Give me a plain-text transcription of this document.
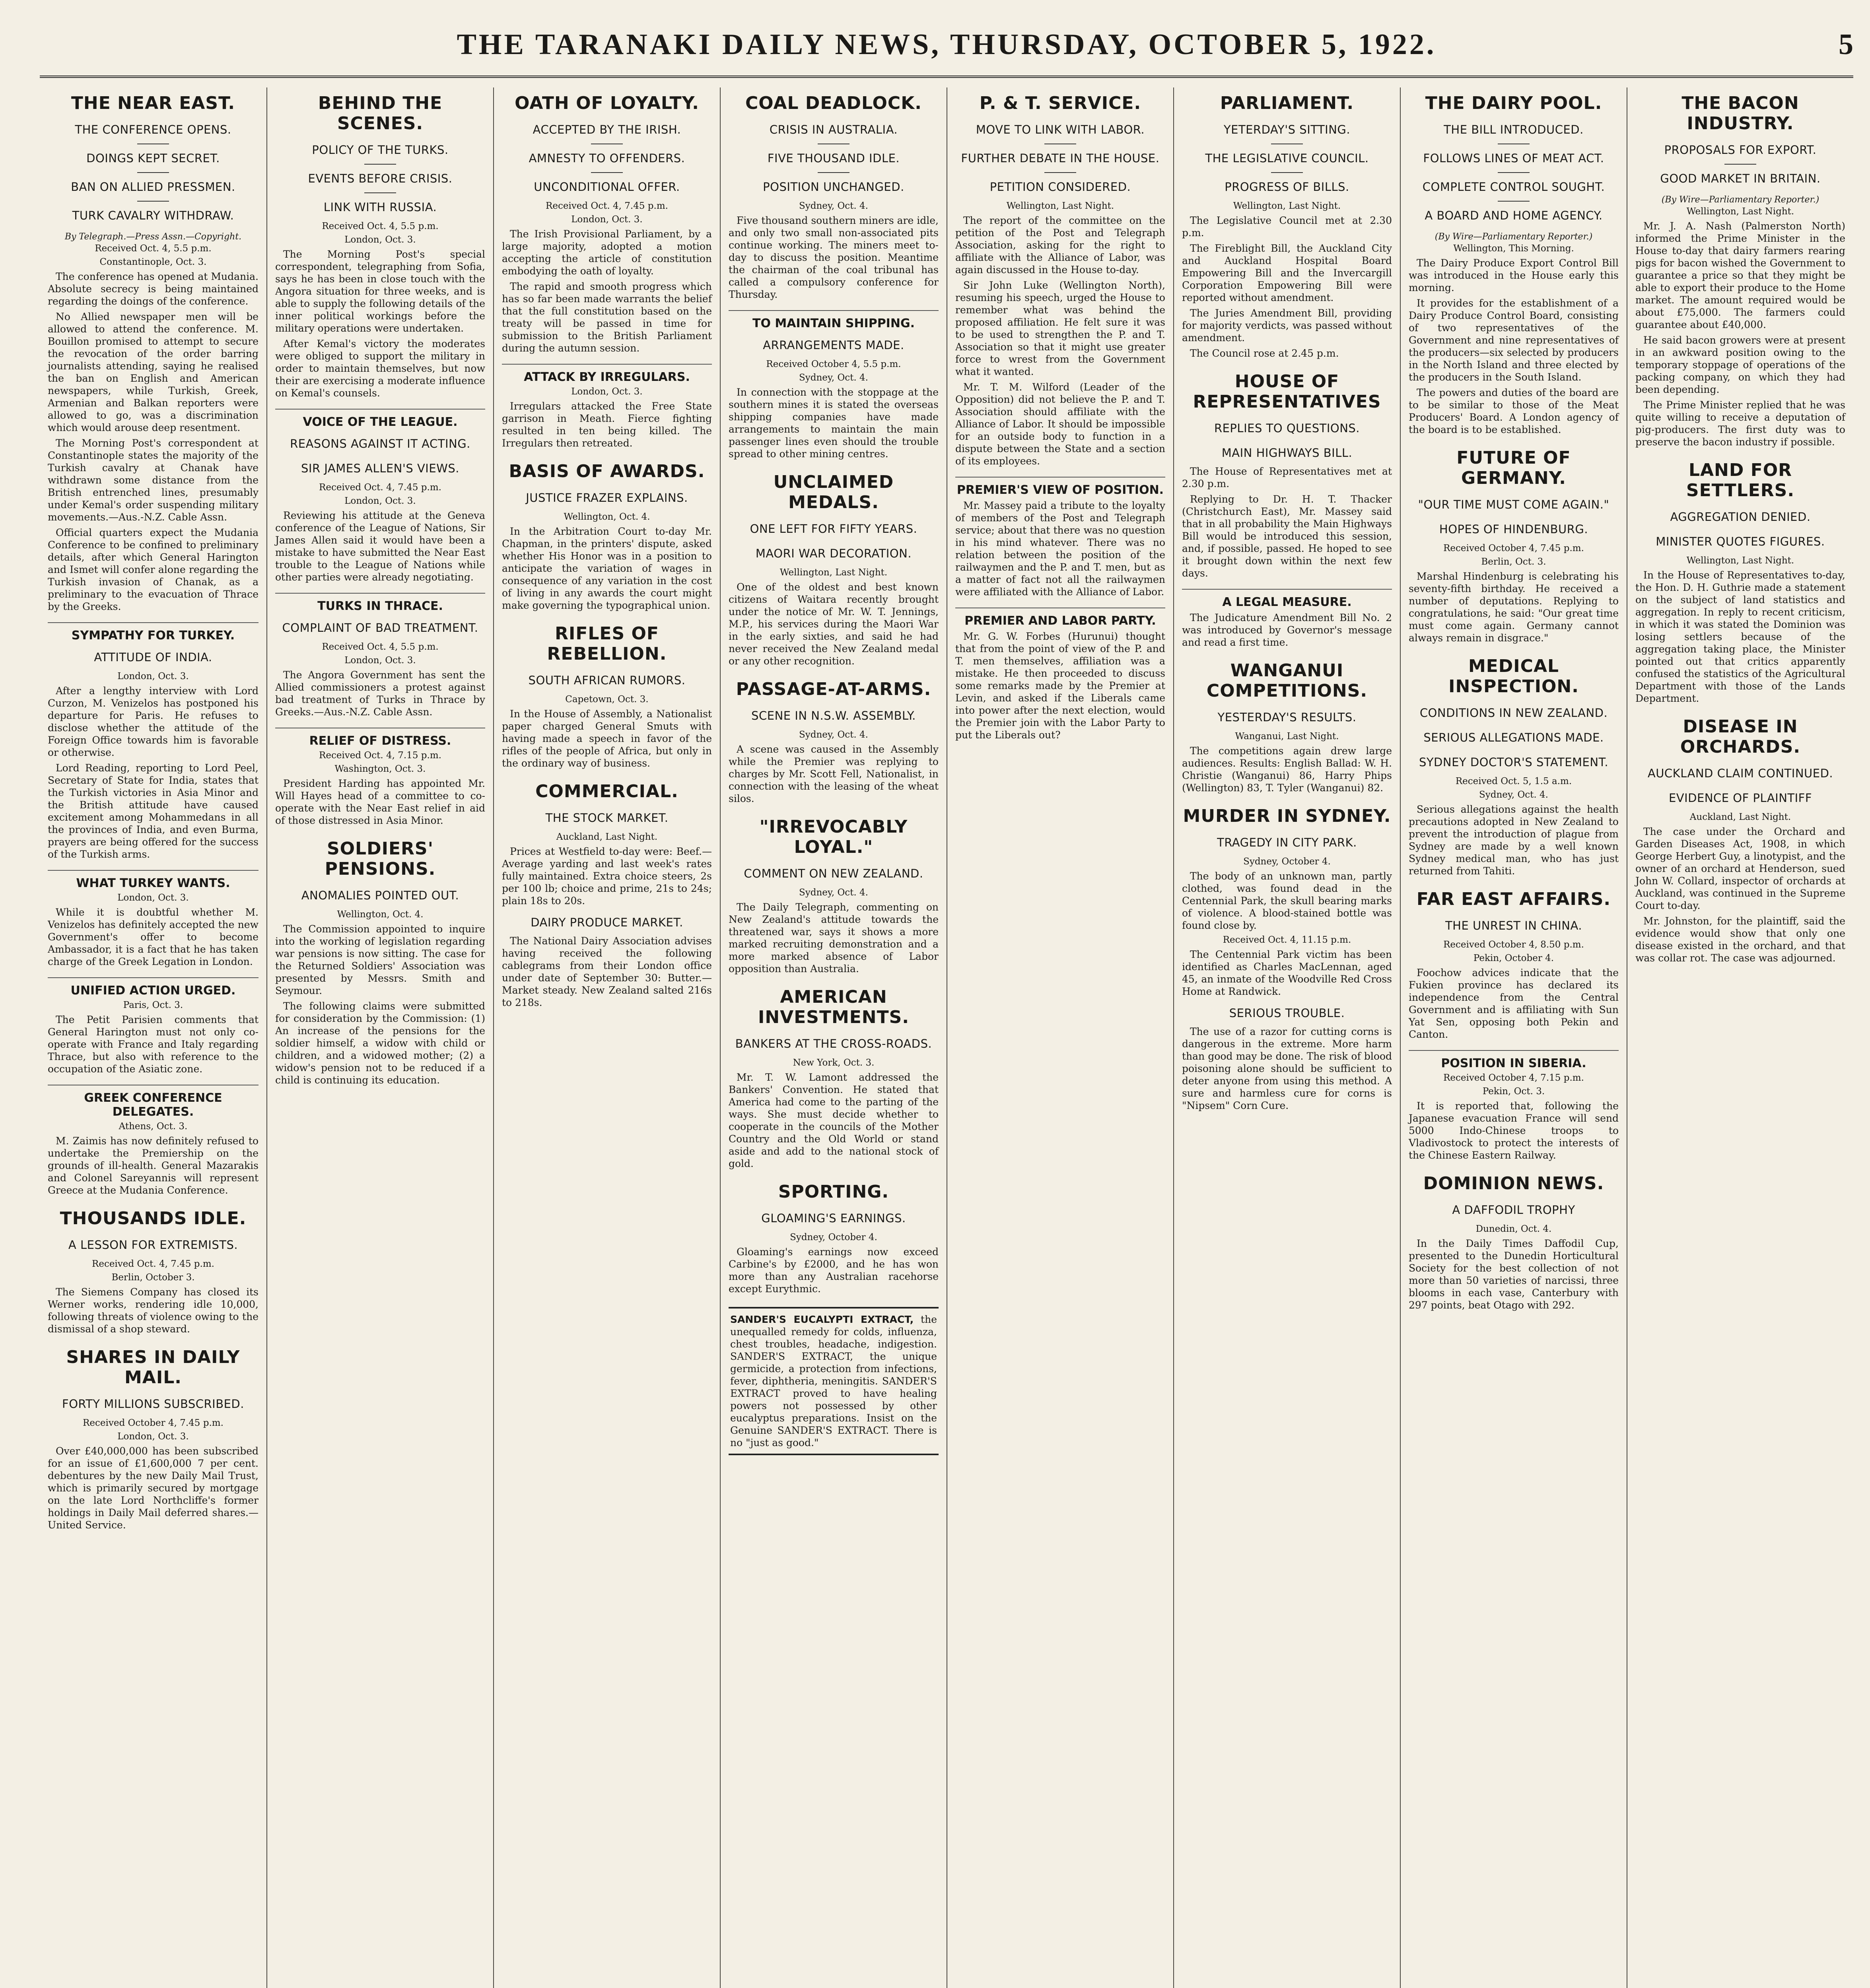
THE TARANAKI DAILY NEWS, THURSDAY, OCTOBER 5, 1922.	5
THE NEAR EAST.
THE CONFERENCE OPENS.
DOINGS KEPT SECRET.
BAN ON ALLIED PRESSMEN.
TURK CAVALRY WITHDRAW.
By Telegraph.—Press Assn.—Copyright.
Received Oct. 4, 5.5 p.m.
Constantinople, Oct. 3.

The conference has opened at Mudania. Absolute secrecy is being maintained regarding the doings of the conference.

No Allied newspaper men will be allowed to attend the conference. M. Bouillon promised to attempt to secure the revocation of the order barring journalists attending, saying he realised the ban on English and American newspapers, while Turkish, Greek, Armenian and Balkan reporters were allowed to go, was a discrimination which would arouse deep resentment.

The Morning Post's correspondent at Constantinople states the majority of the Turkish cavalry at Chanak have withdrawn some distance from the British entrenched lines, presumably under Kemal's order suspending military movements.—Aus.-N.Z. Cable Assn.

Official quarters expect the Mudania Conference to be confined to preliminary details, after which General Harington and Ismet will confer alone regarding the Turkish invasion of Chanak, as a preliminary to the evacuation of Thrace by the Greeks.

SYMPATHY FOR TURKEY.
ATTITUDE OF INDIA.
London, Oct. 3.

After a lengthy interview with Lord Curzon, M. Venizelos has postponed his departure for Paris. He refuses to disclose whether the attitude of the Foreign Office towards him is favorable or otherwise.

Lord Reading, reporting to Lord Peel, Secretary of State for India, states that the Turkish victories in Asia Minor and the British attitude have caused excitement among Mohammedans in all the provinces of India, and even Burma, prayers are being offered for the success of the Turkish arms.

WHAT TURKEY WANTS.
London, Oct. 3.

While it is doubtful whether M. Venizelos has definitely accepted the new Government's offer to become Ambassador, it is a fact that he has taken charge of the Greek Legation in London.

UNIFIED ACTION URGED.
Paris, Oct. 3.

The Petit Parisien comments that General Harington must not only co-operate with France and Italy regarding Thrace, but also with reference to the occupation of the Asiatic zone.

GREEK CONFERENCE DELEGATES.
Athens, Oct. 3.

M. Zaimis has now definitely refused to undertake the Premiership on the grounds of ill-health. General Mazarakis and Colonel Sareyannis will represent Greece at the Mudania Conference.

THOUSANDS IDLE.
A LESSON FOR EXTREMISTS.
Received Oct. 4, 7.45 p.m.
Berlin, October 3.

The Siemens Company has closed its Werner works, rendering idle 10,000, following threats of violence owing to the dismissal of a shop steward.

SHARES IN DAILY MAIL.
FORTY MILLIONS SUBSCRIBED.
Received October 4, 7.45 p.m.
London, Oct. 3.

Over £40,000,000 has been subscribed for an issue of £1,600,000 7 per cent. debentures by the new Daily Mail Trust, which is primarily secured by mortgage on the late Lord Northcliffe's former holdings in Daily Mail deferred shares.—United Service.

BEHIND THE SCENES.
POLICY OF THE TURKS.
EVENTS BEFORE CRISIS.
LINK WITH RUSSIA.
Received Oct. 4, 5.5 p.m.
London, Oct. 3.

The Morning Post's special correspondent, telegraphing from Sofia, says he has been in close touch with the Angora situation for three weeks, and is able to supply the following details of the inner political workings before the military operations were undertaken.

After Kemal's victory the moderates were obliged to support the military in order to maintain themselves, but now their are exercising a moderate influence on Kemal's counsels.

VOICE OF THE LEAGUE.
REASONS AGAINST IT ACTING.
SIR JAMES ALLEN'S VIEWS.
Received Oct. 4, 7.45 p.m.
London, Oct. 3.

Reviewing his attitude at the Geneva conference of the League of Nations, Sir James Allen said it would have been a mistake to have submitted the Near East trouble to the League of Nations while other parties were already negotiating.

TURKS IN THRACE.
COMPLAINT OF BAD TREATMENT.
Received Oct. 4, 5.5 p.m.
London, Oct. 3.

The Angora Government has sent the Allied commissioners a protest against bad treatment of Turks in Thrace by Greeks.—Aus.-N.Z. Cable Assn.

RELIEF OF DISTRESS.
Received Oct. 4, 7.15 p.m.
Washington, Oct. 3.

President Harding has appointed Mr. Will Hayes head of a committee to co-operate with the Near East relief in aid of those distressed in Asia Minor.

SOLDIERS' PENSIONS.
ANOMALIES POINTED OUT.
Wellington, Oct. 4.

The Commission appointed to inquire into the working of legislation regarding war pensions is now sitting. The case for the Returned Soldiers' Association was presented by Messrs. Smith and Seymour.

The following claims were submitted for consideration by the Commission: (1) An increase of the pensions for the soldier himself, a widow with child or children, and a widowed mother; (2) a widow's pension not to be reduced if a child is continuing its education.

OATH OF LOYALTY.
ACCEPTED BY THE IRISH.
AMNESTY TO OFFENDERS.
UNCONDITIONAL OFFER.
Received Oct. 4, 7.45 p.m.
London, Oct. 3.

The Irish Provisional Parliament, by a large majority, adopted a motion accepting the article of constitution embodying the oath of loyalty.

The rapid and smooth progress which has so far been made warrants the belief that the full constitution based on the treaty will be passed in time for submission to the British Parliament during the autumn session.

ATTACK BY IRREGULARS.
London, Oct. 3.

Irregulars attacked the Free State garrison in Meath. Fierce fighting resulted in ten being killed. The Irregulars then retreated.

BASIS OF AWARDS.
JUSTICE FRAZER EXPLAINS.
Wellington, Oct. 4.

In the Arbitration Court to-day Mr. Chapman, in the printers' dispute, asked whether His Honor was in a position to anticipate the variation of wages in consequence of any variation in the cost of living in any awards the court might make governing the typographical union.

RIFLES OF REBELLION.
SOUTH AFRICAN RUMORS.
Capetown, Oct. 3.

In the House of Assembly, a Nationalist paper charged General Smuts with having made a speech in favor of the rifles of the people of Africa, but only in the ordinary way of business.

COMMERCIAL.
THE STOCK MARKET.
Auckland, Last Night.

Prices at Westfield to-day were: Beef.—Average yarding and last week's rates fully maintained. Extra choice steers, 2s per 100 lb; choice and prime, 21s to 24s; plain 18s to 20s.

DAIRY PRODUCE MARKET.

The National Dairy Association advises having received the following cablegrams from their London office under date of September 30: Butter.—Market steady. New Zealand salted 216s to 218s.

COAL DEADLOCK.
CRISIS IN AUSTRALIA.
FIVE THOUSAND IDLE.
POSITION UNCHANGED.
Sydney, Oct. 4.

Five thousand southern miners are idle, and only two small non-associated pits continue working. The miners meet to-day to discuss the position. Meantime the chairman of the coal tribunal has called a compulsory conference for Thursday.

TO MAINTAIN SHIPPING.
ARRANGEMENTS MADE.
Received October 4, 5.5 p.m.
Sydney, Oct. 4.

In connection with the stoppage at the southern mines it is stated the overseas shipping companies have made arrangements to maintain the main passenger lines even should the trouble spread to other mining centres.

UNCLAIMED MEDALS.
ONE LEFT FOR FIFTY YEARS.
MAORI WAR DECORATION.
Wellington, Last Night.

One of the oldest and best known citizens of Waitara recently brought under the notice of Mr. W. T. Jennings, M.P., his services during the Maori War in the early sixties, and said he had never received the New Zealand medal or any other recognition.

PASSAGE-AT-ARMS.
SCENE IN N.S.W. ASSEMBLY.
Sydney, Oct. 4.

A scene was caused in the Assembly while the Premier was replying to charges by Mr. Scott Fell, Nationalist, in connection with the leasing of the wheat silos.

"IRREVOCABLY LOYAL."
COMMENT ON NEW ZEALAND.
Sydney, Oct. 4.

The Daily Telegraph, commenting on New Zealand's attitude towards the threatened war, says it shows a more marked recruiting demonstration and a more marked absence of Labor opposition than Australia.

AMERICAN INVESTMENTS.
BANKERS AT THE CROSS-ROADS.
New York, Oct. 3.

Mr. T. W. Lamont addressed the Bankers' Convention. He stated that America had come to the parting of the ways. She must decide whether to cooperate in the councils of the Mother Country and the Old World or stand aside and add to the national stock of gold.

SPORTING.
GLOAMING'S EARNINGS.
Sydney, October 4.

Gloaming's earnings now exceed Carbine's by £2000, and he has won more than any Australian racehorse except Eurythmic.

SANDER'S EUCALYPTI EXTRACT, the unequalled remedy for colds, influenza, chest troubles, headache, indigestion. SANDER'S EXTRACT, the unique germicide, a protection from infections, fever, diphtheria, meningitis. SANDER'S EXTRACT proved to have healing powers not possessed by other eucalyptus preparations. Insist on the Genuine SANDER'S EXTRACT. There is no "just as good."
P. & T. SERVICE.
MOVE TO LINK WITH LABOR.
FURTHER DEBATE IN THE HOUSE.
PETITION CONSIDERED.
Wellington, Last Night.

The report of the committee on the petition of the Post and Telegraph Association, asking for the right to affiliate with the Alliance of Labor, was again discussed in the House to-day.

Sir John Luke (Wellington North), resuming his speech, urged the House to remember what was behind the proposed affiliation. He felt sure it was to be used to strengthen the P. and T. Association so that it might use greater force to wrest from the Government what it wanted.

Mr. T. M. Wilford (Leader of the Opposition) did not believe the P. and T. Association should affiliate with the Alliance of Labor. It should be impossible for an outside body to function in a dispute between the State and a section of its employees.

PREMIER'S VIEW OF POSITION.

Mr. Massey paid a tribute to the loyalty of members of the Post and Telegraph service; about that there was no question in his mind whatever. There was no relation between the position of the railwaymen and the P. and T. men, but as a matter of fact not all the railwaymen were affiliated with the Alliance of Labor.

PREMIER AND LABOR PARTY.

Mr. G. W. Forbes (Hurunui) thought that from the point of view of the P. and T. men themselves, affiliation was a mistake. He then proceeded to discuss some remarks made by the Premier at Levin, and asked if the Liberals came into power after the next election, would the Premier join with the Labor Party to put the Liberals out?

PARLIAMENT.
YETERDAY'S SITTING.
THE LEGISLATIVE COUNCIL.
PROGRESS OF BILLS.
Wellington, Last Night.

The Legislative Council met at 2.30 p.m.

The Fireblight Bill, the Auckland City and Auckland Hospital Board Empowering Bill and the Invercargill Corporation Empowering Bill were reported without amendment.

The Juries Amendment Bill, providing for majority verdicts, was passed without amendment.

The Council rose at 2.45 p.m.

HOUSE OF REPRESENTATIVES
REPLIES TO QUESTIONS.
MAIN HIGHWAYS BILL.

The House of Representatives met at 2.30 p.m.

Replying to Dr. H. T. Thacker (Christchurch East), Mr. Massey said that in all probability the Main Highways Bill would be introduced this session, and, if possible, passed. He hoped to see it brought down within the next few days.

A LEGAL MEASURE.

The Judicature Amendment Bill No. 2 was introduced by Governor's message and read a first time.

WANGANUI COMPETITIONS.
YESTERDAY'S RESULTS.
Wanganui, Last Night.

The competitions again drew large audiences. Results: English Ballad: W. H. Christie (Wanganui) 86, Harry Phips (Wellington) 83, T. Tyler (Wanganui) 82.

MURDER IN SYDNEY.
TRAGEDY IN CITY PARK.
Sydney, October 4.

The body of an unknown man, partly clothed, was found dead in the Centennial Park, the skull bearing marks of violence. A blood-stained bottle was found close by.

Received Oct. 4, 11.15 p.m.

The Centennial Park victim has been identified as Charles MacLennan, aged 45, an inmate of the Woodville Red Cross Home at Randwick.

SERIOUS TROUBLE.

The use of a razor for cutting corns is dangerous in the extreme. More harm than good may be done. The risk of blood poisoning alone should be sufficient to deter anyone from using this method. A sure and harmless cure for corns is "Nipsem" Corn Cure.

THE DAIRY POOL.
THE BILL INTRODUCED.
FOLLOWS LINES OF MEAT ACT.
COMPLETE CONTROL SOUGHT.
A BOARD AND HOME AGENCY.
(By Wire—Parliamentary Reporter.)
Wellington, This Morning.

The Dairy Produce Export Control Bill was introduced in the House early this morning.

It provides for the establishment of a Dairy Produce Control Board, consisting of two representatives of the Government and nine representatives of the producers—six selected by producers in the North Island and three elected by the producers in the South Island.

The powers and duties of the board are to be similar to those of the Meat Producers' Board. A London agency of the board is to be established.

FUTURE OF GERMANY.
"OUR TIME MUST COME AGAIN."
HOPES OF HINDENBURG.
Received October 4, 7.45 p.m.
Berlin, Oct. 3.

Marshal Hindenburg is celebrating his seventy-fifth birthday. He received a number of deputations. Replying to congratulations, he said: "Our great time must come again. Germany cannot always remain in disgrace."

MEDICAL INSPECTION.
CONDITIONS IN NEW ZEALAND.
SERIOUS ALLEGATIONS MADE.
SYDNEY DOCTOR'S STATEMENT.
Received Oct. 5, 1.5 a.m.
Sydney, Oct. 4.

Serious allegations against the health precautions adopted in New Zealand to prevent the introduction of plague from Sydney are made by a well known Sydney medical man, who has just returned from Tahiti.

FAR EAST AFFAIRS.
THE UNREST IN CHINA.
Received October 4, 8.50 p.m.
Pekin, October 4.

Foochow advices indicate that the Fukien province has declared its independence from the Central Government and is affiliating with Sun Yat Sen, opposing both Pekin and Canton.

POSITION IN SIBERIA.
Received October 4, 7.15 p.m.
Pekin, Oct. 3.

It is reported that, following the Japanese evacuation France will send 5000 Indo-Chinese troops to Vladivostock to protect the interests of the Chinese Eastern Railway.

DOMINION NEWS.
A DAFFODIL TROPHY
Dunedin, Oct. 4.

In the Daily Times Daffodil Cup, presented to the Dunedin Horticultural Society for the best collection of not more than 50 varieties of narcissi, three blooms in each vase, Canterbury with 297 points, beat Otago with 292.

THE BACON INDUSTRY.
PROPOSALS FOR EXPORT.
GOOD MARKET IN BRITAIN.
(By Wire—Parliamentary Reporter.)
Wellington, Last Night.

Mr. J. A. Nash (Palmerston North) informed the Prime Minister in the House to-day that dairy farmers rearing pigs for bacon wished the Government to guarantee a price so that they might be able to export their produce to the Home market. The amount required would be about £75,000. The farmers could guarantee about £40,000.

He said bacon growers were at present in an awkward position owing to the temporary stoppage of operations of the packing company, on which they had been depending.

The Prime Minister replied that he was quite willing to receive a deputation of pig-producers. The first duty was to preserve the bacon industry if possible.

LAND FOR SETTLERS.
AGGREGATION DENIED.
MINISTER QUOTES FIGURES.
Wellington, Last Night.

In the House of Representatives to-day, the Hon. D. H. Guthrie made a statement on the subject of land statistics and aggregation. In reply to recent criticism, in which it was stated the Dominion was losing settlers because of the aggregation taking place, the Minister pointed out that critics apparently confused the statistics of the Agricultural Department with those of the Lands Department.

DISEASE IN ORCHARDS.
AUCKLAND CLAIM CONTINUED.
EVIDENCE OF PLAINTIFF
Auckland, Last Night.

The case under the Orchard and Garden Diseases Act, 1908, in which George Herbert Guy, a linotypist, and the owner of an orchard at Henderson, sued John W. Collard, inspector of orchards at Auckland, was continued in the Supreme Court to-day.

Mr. Johnston, for the plaintiff, said the evidence would show that only one disease existed in the orchard, and that was collar rot. The case was adjourned.
